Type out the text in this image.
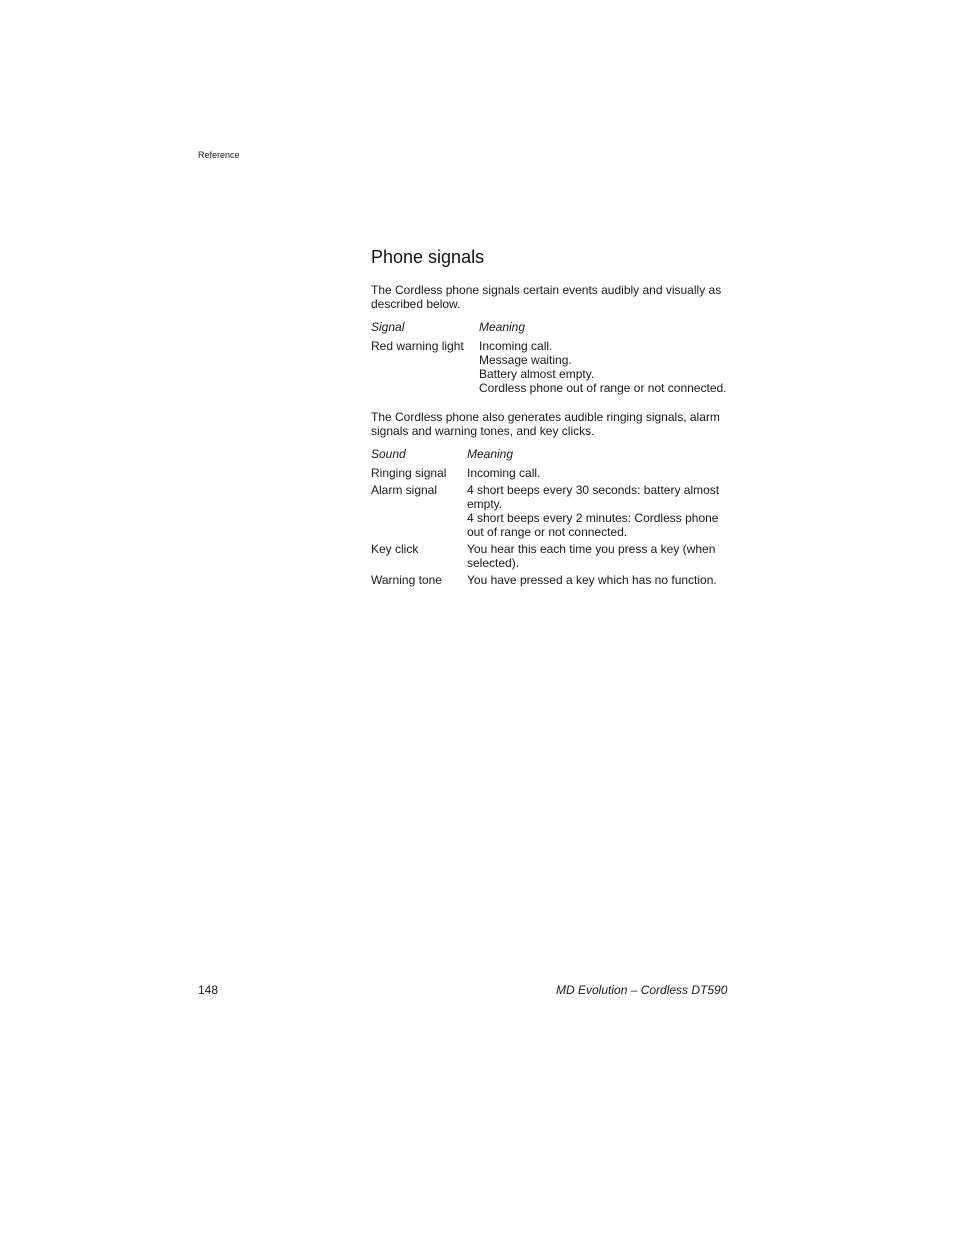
Reference
Phone signals

The Cordless phone signals certain events audibly and visually as described below.

Signal	Meaning
Red warning light	Incoming call.
Message waiting.
Battery almost empty.
Cordless phone out of range or not connected.

The Cordless phone also generates audible ringing signals, alarm signals and warning tones, and key clicks.

Sound	Meaning
Ringing signal	Incoming call.

Alarm signal	4 short beeps every 30 seconds: battery almost empty.
4 short beeps every 2 minutes: Cordless phone out of range or not connected.

Key click	You hear this each time you press a key (when selected).

Warning tone	You have pressed a key which has no function.
148	MD Evolution – Cordless DT590
